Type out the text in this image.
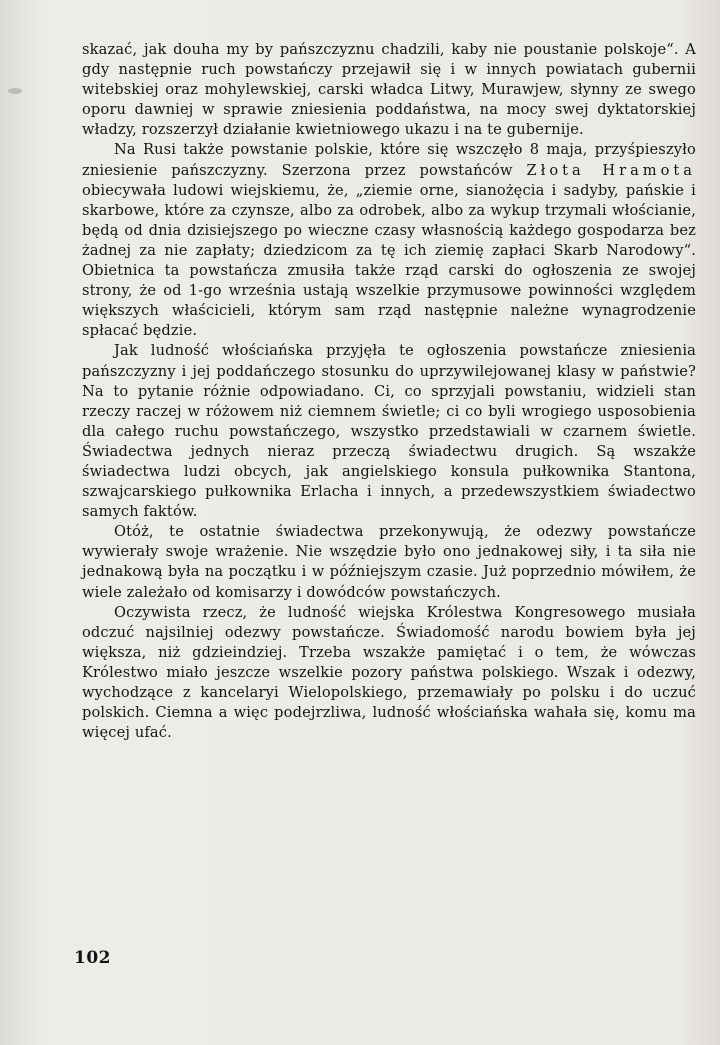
skazać, jak douha my by pańszczyznu chadzili, kaby nie poustanie polskoje“. A gdy następnie ruch powstańczy przejawił się i w innych powiatach gubernii witebskiej oraz mohylewskiej, carski władca Litwy, Murawjew, słynny ze swego oporu dawniej w sprawie zniesienia poddaństwa, na mocy swej dyktatorskiej władzy, rozszerzył działanie kwietniowego ukazu i na te gubernije.

Na Rusi także powstanie polskie, które się wszczęło 8 maja, przyśpieszyło zniesienie pańszczyzny. Szerzona przez powstańców Złota Hramota obiecywała ludowi wiejskiemu, że, „ziemie orne, sianożęcia i sadyby, pańskie i skarbowe, które za czynsze, albo za odrobek, albo za wykup trzymali włościanie, będą od dnia dzisiejszego po wieczne czasy własnością każdego gospodarza bez żadnej za nie zapłaty; dziedzicom za tę ich ziemię zapłaci Skarb Narodowy“. Obietnica ta powstańcza zmusiła także rząd carski do ogłoszenia ze swojej strony, że od 1-go września ustają wszelkie przymusowe powinności względem większych właścicieli, którym sam rząd następnie należne wynagrodzenie spłacać będzie.

Jak ludność włościańska przyjęła te ogłoszenia powstańcze zniesienia pańszczyzny i jej poddańczego stosunku do uprzywilejowanej klasy w państwie? Na to pytanie różnie odpowiadano. Ci, co sprzyjali powstaniu, widzieli stan rzeczy raczej w różowem niż ciemnem świetle; ci co byli wrogiego usposobienia dla całego ruchu powstańczego, wszystko przedstawiali w czarnem świetle. Świadectwa jednych nieraz przeczą świadectwu drugich. Są wszakże świadectwa ludzi obcych, jak angielskiego konsula pułkownika Stantona, szwajcarskiego pułkownika Erlacha i innych, a przedewszystkiem świadectwo samych faktów.

Otóż, te ostatnie świadectwa przekonywują, że odezwy powstańcze wywierały swoje wrażenie. Nie wszędzie było ono jednakowej siły, i ta siła nie jednakową była na początku i w późniejszym czasie. Już poprzednio mówiłem, że wiele zależało od komisarzy i dowódców powstańczych.

Oczywista rzecz, że ludność wiejska Królestwa Kongresowego musiała odczuć najsilniej odezwy powstańcze. Świadomość narodu bowiem była jej większa, niż gdzieindziej. Trzeba wszakże pamiętać i o tem, że wówczas Królestwo miało jeszcze wszelkie pozory państwa polskiego. Wszak i odezwy, wychodzące z kancelaryi Wielopolskiego, przemawiały po polsku i do uczuć polskich. Ciemna a więc podejrzliwa, ludność włościańska wahała się, komu ma więcej ufać.

102
